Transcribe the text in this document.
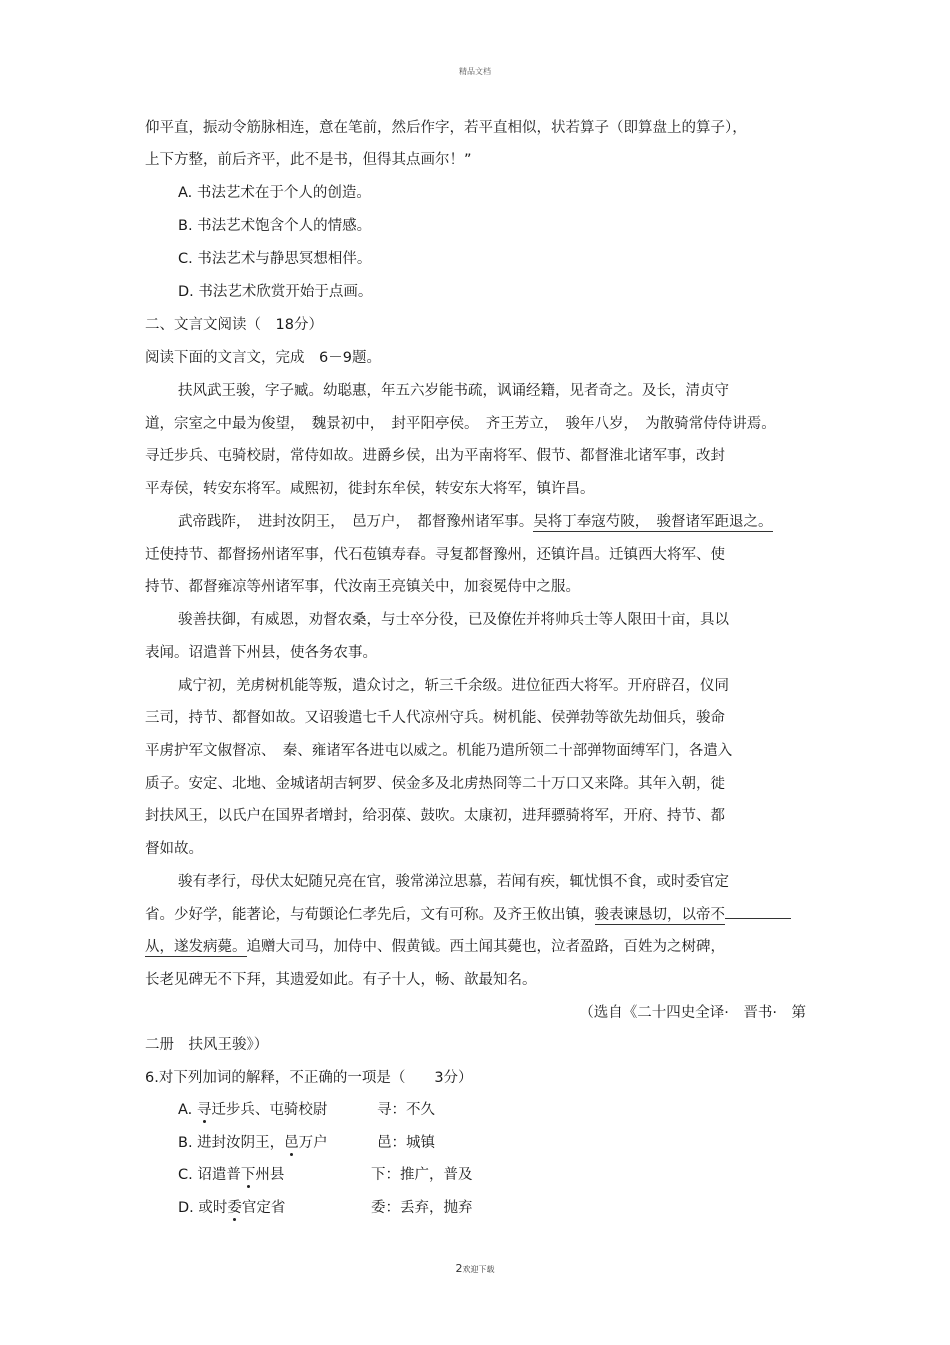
精品文档
仰平直，振动令筋脉相连，意在笔前，然后作字，若平直相似，状若算子（即算盘上的算子），
上下方整，前后齐平，此不是书，但得其点画尔！”
A. 书法艺术在于个人的创造。
B. 书法艺术饱含个人的情感。
C. 书法艺术与静思冥想相伴。
D. 书法艺术欣赏开始于点画。
二、文言文阅读（　18分）
阅读下面的文言文，完成　6－9题。
扶风武王骏，字子臧。幼聪惠，年五六岁能书疏，讽诵经籍，见者奇之。及长，清贞守
道，宗室之中最为俊望，　魏景初中，　封平阳亭侯。　齐王芳立，　骏年八岁，　为散骑常侍侍讲焉。
寻迁步兵、屯骑校尉，常侍如故。进爵乡侯，出为平南将军、假节、都督淮北诸军事，改封
平寿侯，转安东将军。咸熙初，徙封东牟侯，转安东大将军，镇许昌。
武帝践阼，　进封汝阴王，　邑万户，　都督豫州诸军事。吴将丁奉寇芍陂，　骏督诸军距退之。
迁使持节、都督扬州诸军事，代石苞镇寿春。寻复都督豫州，还镇许昌。迁镇西大将军、使
持节、都督雍凉等州诸军事，代汝南王亮镇关中，加衮冕侍中之服。
骏善扶御，有威恩，劝督农桑，与士卒分役，已及僚佐并将帅兵士等人限田十亩，具以
表闻。诏遣普下州县，使各务农事。
咸宁初，羌虏树机能等叛，遣众讨之，斩三千余级。进位征西大将军。开府辟召，仪同
三司，持节、都督如故。又诏骏遣七千人代凉州守兵。树机能、侯弹勃等欲先劫佃兵，骏命
平虏护军文俶督凉、　秦、雍诸军各进屯以威之。机能乃遣所领二十部弹物面缚军门，各遣入
质子。安定、北地、金城诸胡吉轲罗、侯金多及北虏热冏等二十万口又来降。其年入朝，徙
封扶风王，以氏户在国界者增封，给羽葆、鼓吹。太康初，进拜骠骑将军，开府、持节、都
督如故。
骏有孝行，母伏太妃随兄亮在官，骏常涕泣思慕，若闻有疾，辄忧惧不食，或时委官定
省。少好学，能著论，与荀顗论仁孝先后，文有可称。及齐王攸出镇，骏表谏恳切，以帝不
从，遂发病薨。追赠大司马，加侍中、假黄钺。西土闻其薨也，泣者盈路，百姓为之树碑，
长老见碑无不下拜，其遗爱如此。有子十人，畅、歆最知名。
（选自《二十四史全译·　晋书·　第
二册　扶风王骏》）
6.对下列加词的解释，不正确的一项是（　　3分）
A. 寻迁步兵、屯骑校尉	寻：不久
B. 进封汝阴王，邑万户	邑：城镇
C. 诏遣普下州县	下：推广，普及
D. 或时委官定省	委：丢弃，抛弃
2欢迎下载
